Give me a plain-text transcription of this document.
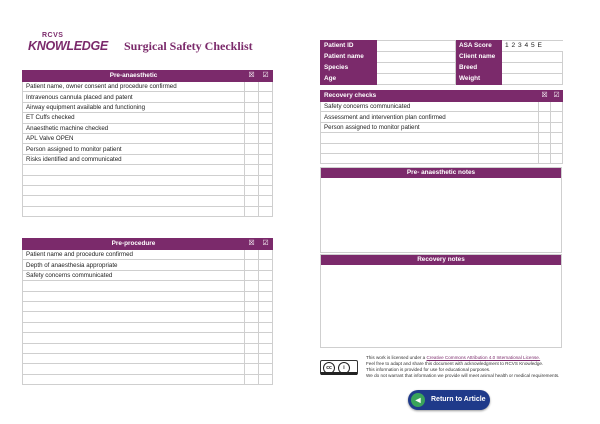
RCVS
KNOWLEDGE Surgical Safety Checklist
Pre-anaesthetic	☒	☑
Patient name, owner consent and procedure confirmed		
Intravenous cannula placed and patent		
Airway equipment available and functioning		
ET Cuffs checked		
Anaesthetic machine checked		
APL Valve OPEN		
Person assigned to monitor patient		
Risks identified and communicated		

Pre-procedure	☒	☑
Patient name and procedure confirmed		
Depth of anaesthesia appropriate		
Safety concerns communicated		

Patient ID		ASA Score	1 2 3 4 5 E
Patient name		Client name	
Species		Breed	
Age		Weight	
Recovery checks	☒	☑
Safety concerns communicated		
Assessment and intervention plan confirmed		
Person assigned to monitor patient		

Pre- anaesthetic notes
Recovery notes
cc	i
This work is licensed under a Creative Commons Attribution 4.0 International License.
Feel free to adapt and share this document with acknowledgment to RCVS Knowledge.
This information is provided for use for educational purposes.
We do not warrant that information we provide will meet animal health or medical requirements.
◄	Return to Article
